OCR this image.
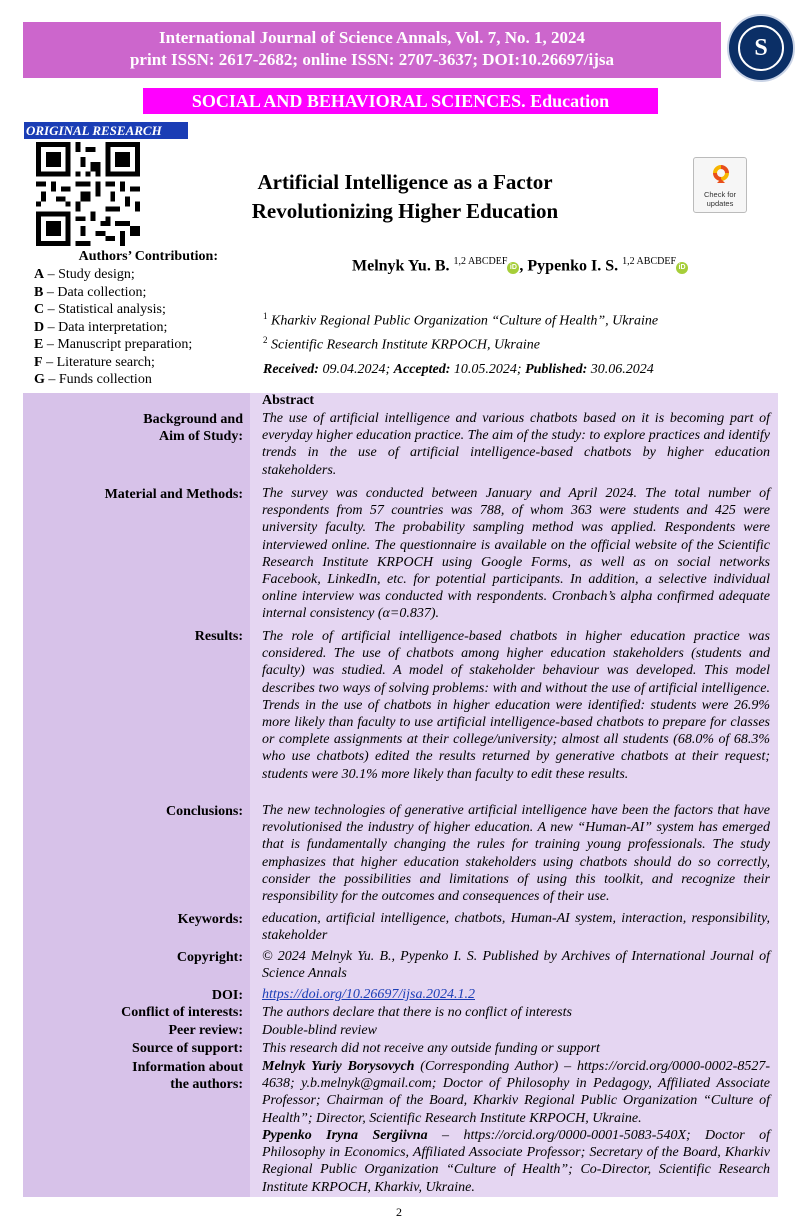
International Journal of Science Annals, Vol. 7, No. 1, 2024
print ISSN: 2617-2682; online ISSN: 2707-3637; DOI:10.26697/ijsa	S
SOCIAL AND BEHAVIORAL SCIENCES. Education
ORIGINAL RESEARCH
Artificial Intelligence as a Factor
Revolutionizing Higher Education
Check for
updates
Authors’ Contribution:
A – Study design;
B – Data collection;
C – Statistical analysis;
D – Data interpretation;
E – Manuscript preparation;
F – Literature search;
G – Funds collection
Melnyk Yu. B. $^{1,2 ABCDEF}$iD , Pypenko I. S. $^{1,2 ABCDEF}$iD
$^1$ Kharkiv Regional Public Organization “Culture of Health”, Ukraine
$^2$ Scientific Research Institute KRPOCH, Ukraine
Received: 09.04.2024; Accepted: 10.05.2024; Published: 30.06.2024
Abstract
Background and
Aim of Study:
The use of artificial intelligence and various chatbots based on it is becoming part of everyday higher education practice. The aim of the study: to explore practices and identify trends in the use of artificial intelligence-based chatbots by higher education stakeholders.
Material and Methods: The survey was conducted between January and April 2024. The total number of respondents from 57 countries was 788, of whom 363 were students and 425 were university faculty. The probability sampling method was applied. Respondents were interviewed online. The questionnaire is available on the official website of the Scientific Research Institute KRPOCH using Google Forms, as well as on social networks Facebook, LinkedIn, etc. for potential participants. In addition, a selective individual online interview was conducted with respondents. Cronbach’s alpha confirmed adequate internal consistency (α=0.837).
Results: The role of artificial intelligence-based chatbots in higher education practice was considered. The use of chatbots among higher education stakeholders (students and faculty) was studied. A model of stakeholder behaviour was developed. This model describes two ways of solving problems: with and without the use of artificial intelligence. Trends in the use of chatbots in higher education were identified: students were 26.9% more likely than faculty to use artificial intelligence-based chatbots to prepare for classes or complete assignments at their college/university; almost all students (68.0% of 68.3% who use chatbots) edited the results returned by generative chatbots at their request; students were 30.1% more likely than faculty to edit these results.
Conclusions: The new technologies of generative artificial intelligence have been the factors that have revolutionised the industry of higher education. A new “Human-AI” system has emerged that is fundamentally changing the rules for training young professionals. The study emphasizes that higher education stakeholders using chatbots should do so correctly, consider the possibilities and limitations of using this toolkit, and recognize their responsibility for the outcomes and consequences of their use.
Keywords: education, artificial intelligence, chatbots, Human-AI system, interaction, responsibility, stakeholder
Copyright: © 2024 Melnyk Yu. B., Pypenko I. S. Published by Archives of International Journal of Science Annals
DOI: https://doi.org/10.26697/ijsa.2024.1.2
Conflict of interests: The authors declare that there is no conflict of interests
Peer review: Double-blind review
Source of support: This research did not receive any outside funding or support
Information about
the authors:
Melnyk Yuriy Borysovych (Corresponding Author) – https://orcid.org/0000-0002-8527-4638; y.b.melnyk@gmail.com; Doctor of Philosophy in Pedagogy, Affiliated Associate Professor; Chairman of the Board, Kharkiv Regional Public Organization “Culture of Health”; Director, Scientific Research Institute KRPOCH, Ukraine.
Pypenko Iryna Sergiivna – https://orcid.org/0000-0001-5083-540X; Doctor of Philosophy in Economics, Affiliated Associate Professor; Secretary of the Board, Kharkiv Regional Public Organization “Culture of Health”; Co-Director, Scientific Research Institute KRPOCH, Kharkiv, Ukraine.
2
